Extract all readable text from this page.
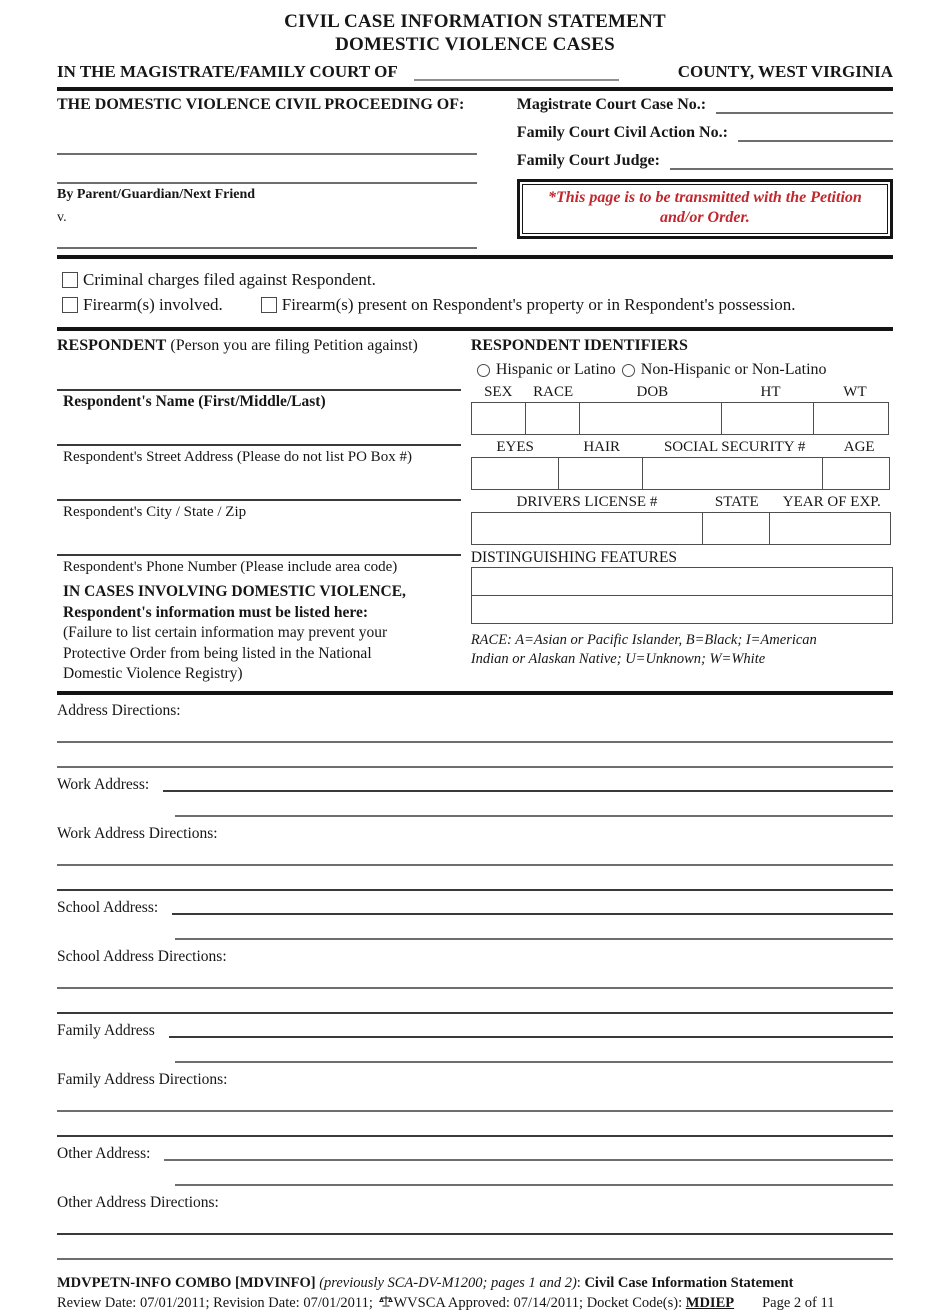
CIVIL CASE INFORMATION STATEMENT
DOMESTIC VIOLENCE CASES
IN THE MAGISTRATE/FAMILY COURT OF	COUNTY, WEST VIRGINIA
THE DOMESTIC VIOLENCE CIVIL PROCEEDING OF:
By Parent/Guardian/Next Friend
v.
Magistrate Court Case No.:
Family Court Civil Action No.:
Family Court Judge:
*This page is to be transmitted with the Petition
and/or Order.
Criminal charges filed against Respondent.
Firearm(s) involved.	Firearm(s) present on Respondent's property or in Respondent's possession.
RESPONDENT (Person you are filing Petition against)
Respondent's Name (First/Middle/Last)
Respondent's Street Address (Please do not list PO Box #)
Respondent's City / State / Zip
Respondent's Phone Number (Please include area code)
IN CASES INVOLVING DOMESTIC VIOLENCE,
Respondent's information must be listed here:
(Failure to list certain information may prevent your
Protective Order from being listed in the National
Domestic Violence Registry)
RESPONDENT IDENTIFIERS
Hispanic or Latino Non-Hispanic or Non-Latino
SEX	RACE	DOB	HT	WT
EYES	HAIR	SOCIAL SECURITY #	AGE
DRIVERS LICENSE #	STATE	YEAR OF EXP.
DISTINGUISHING FEATURES
RACE: A=Asian or Pacific Islander, B=Black; I=American
Indian or Alaskan Native; U=Unknown; W=White
Address Directions:
Work Address:
Work Address Directions:
School Address:
School Address Directions:
Family Address
Family Address Directions:
Other Address:
Other Address Directions:
MDVPETN-INFO COMBO [MDVINFO] (previously SCA-DV-M1200; pages 1 and 2): Civil Case Information Statement
Review Date: 07/01/2011; Revision Date: 07/01/2011; WVSCA Approved: 07/14/2011; Docket Code(s): MDIEP Page 2 of 11
